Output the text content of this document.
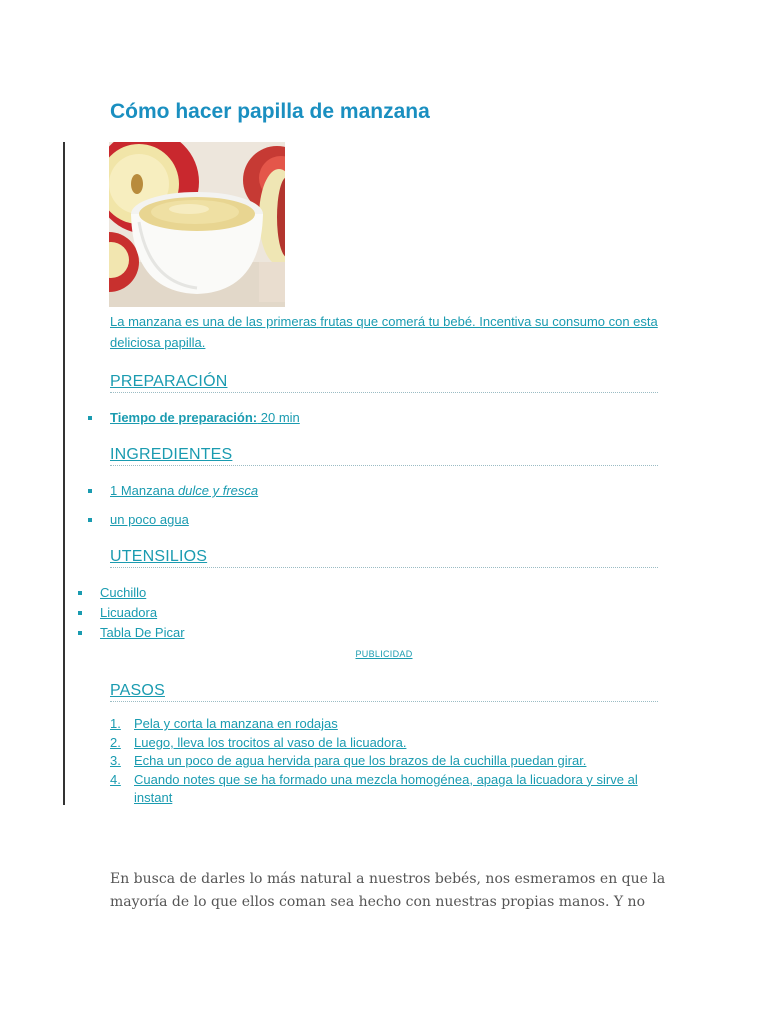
Cómo hacer papilla de manzana
La manzana es una de las primeras frutas que comerá tu bebé. Incentiva su consumo con esta deliciosa papilla.
PREPARACIÓN
Tiempo de preparación: 20 min
INGREDIENTES
1 Manzana dulce y fresca
un poco agua
UTENSILIOS
Cuchillo
Licuadora
Tabla De Picar
PUBLICIDAD
PASOS
1. Pela y corta la manzana en rodajas
2. Luego, lleva los trocitos al vaso de la licuadora.
3. Echa un poco de agua hervida para que los brazos de la cuchilla puedan girar.
4. Cuando notes que se ha formado una mezcla homogénea, apaga la licuadora y sirve al instant
En busca de darles lo más natural a nuestros bebés, nos esmeramos en que la mayoría de lo que ellos coman sea hecho con nuestras propias manos. Y no
